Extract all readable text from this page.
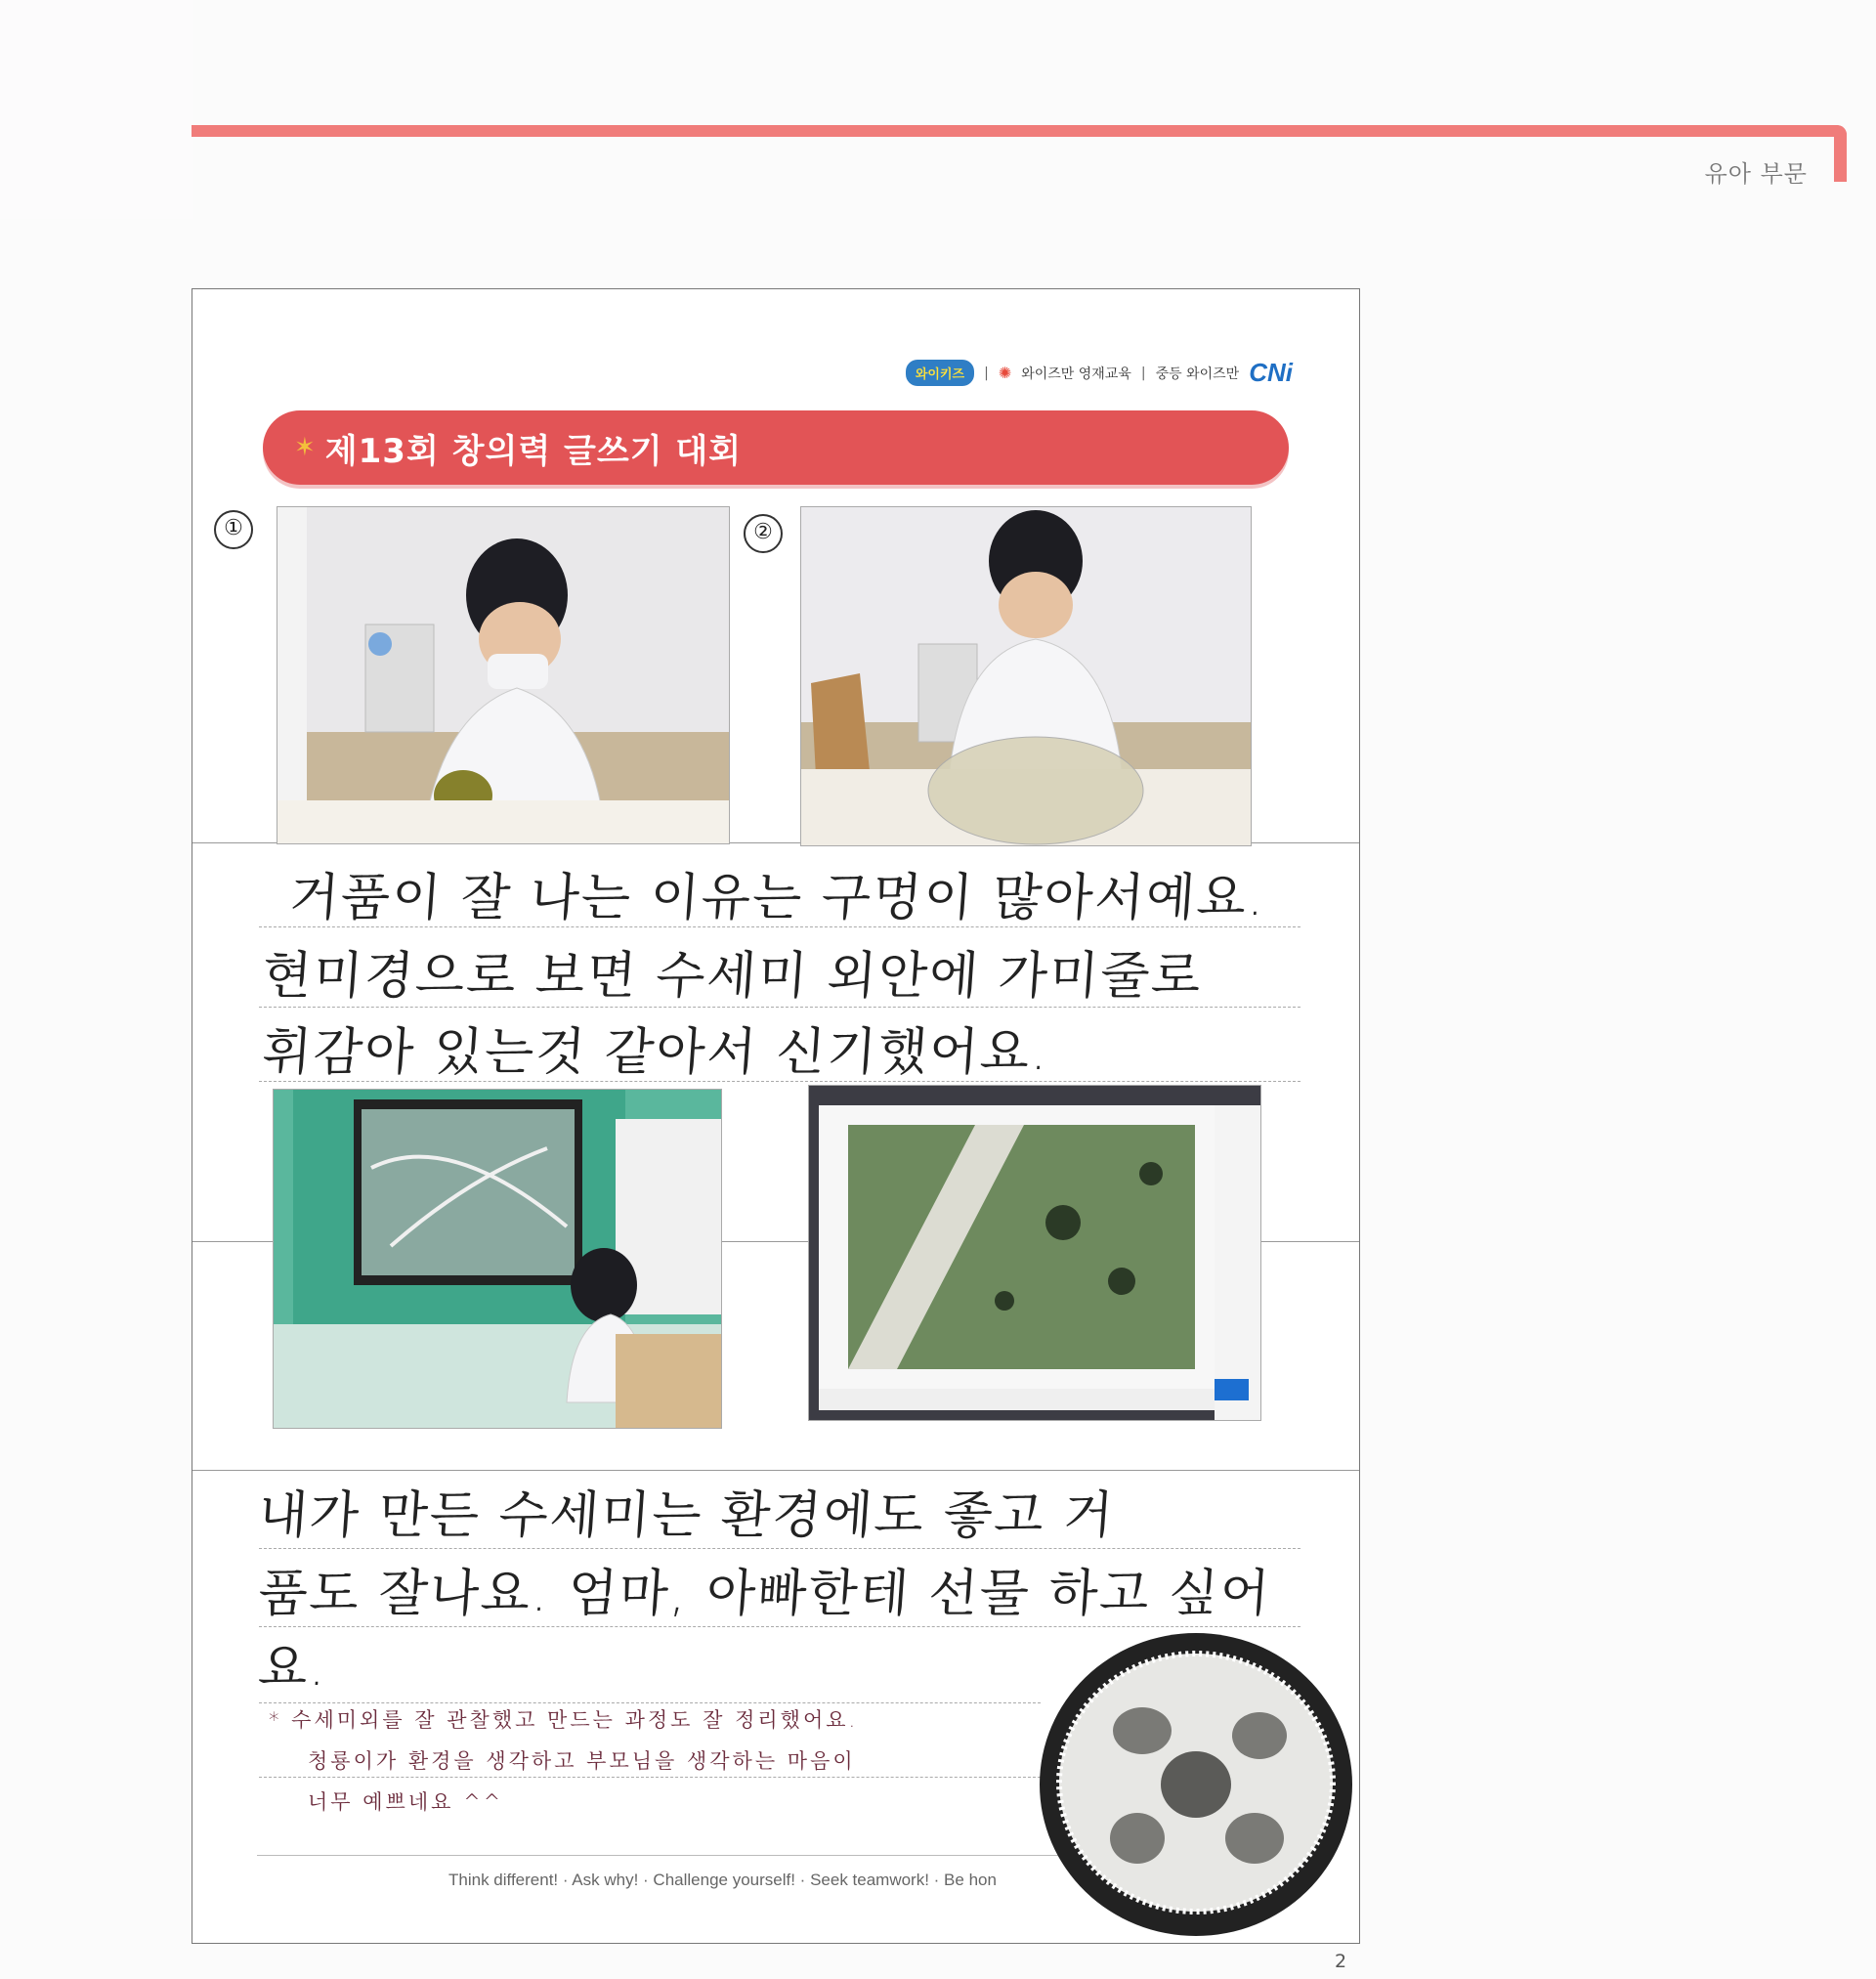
유아 부문
와이키즈	| ✺ 와이즈만 영재교육 | 중등 와이즈만 CNi
✶ 제13회 창의력 글쓰기 대회
①	②
거품이 잘 나는 이유는 구멍이 많아서예요.
현미경으로 보면 수세미 외안에 가미줄로
휘감아 있는것 같아서 신기했어요.
내가 만든 수세미는 환경에도 좋고 거
품도 잘나요. 엄마, 아빠한테 선물 하고 싶어
요.
* 수세미외를 잘 관찰했고 만드는 과정도 잘 정리했어요.
청룡이가 환경을 생각하고 부모님을 생각하는 마음이
너무 예쁘네요 ^^
Think different! · Ask why! · Challenge yourself! · Seek teamwork! · Be hon
2
